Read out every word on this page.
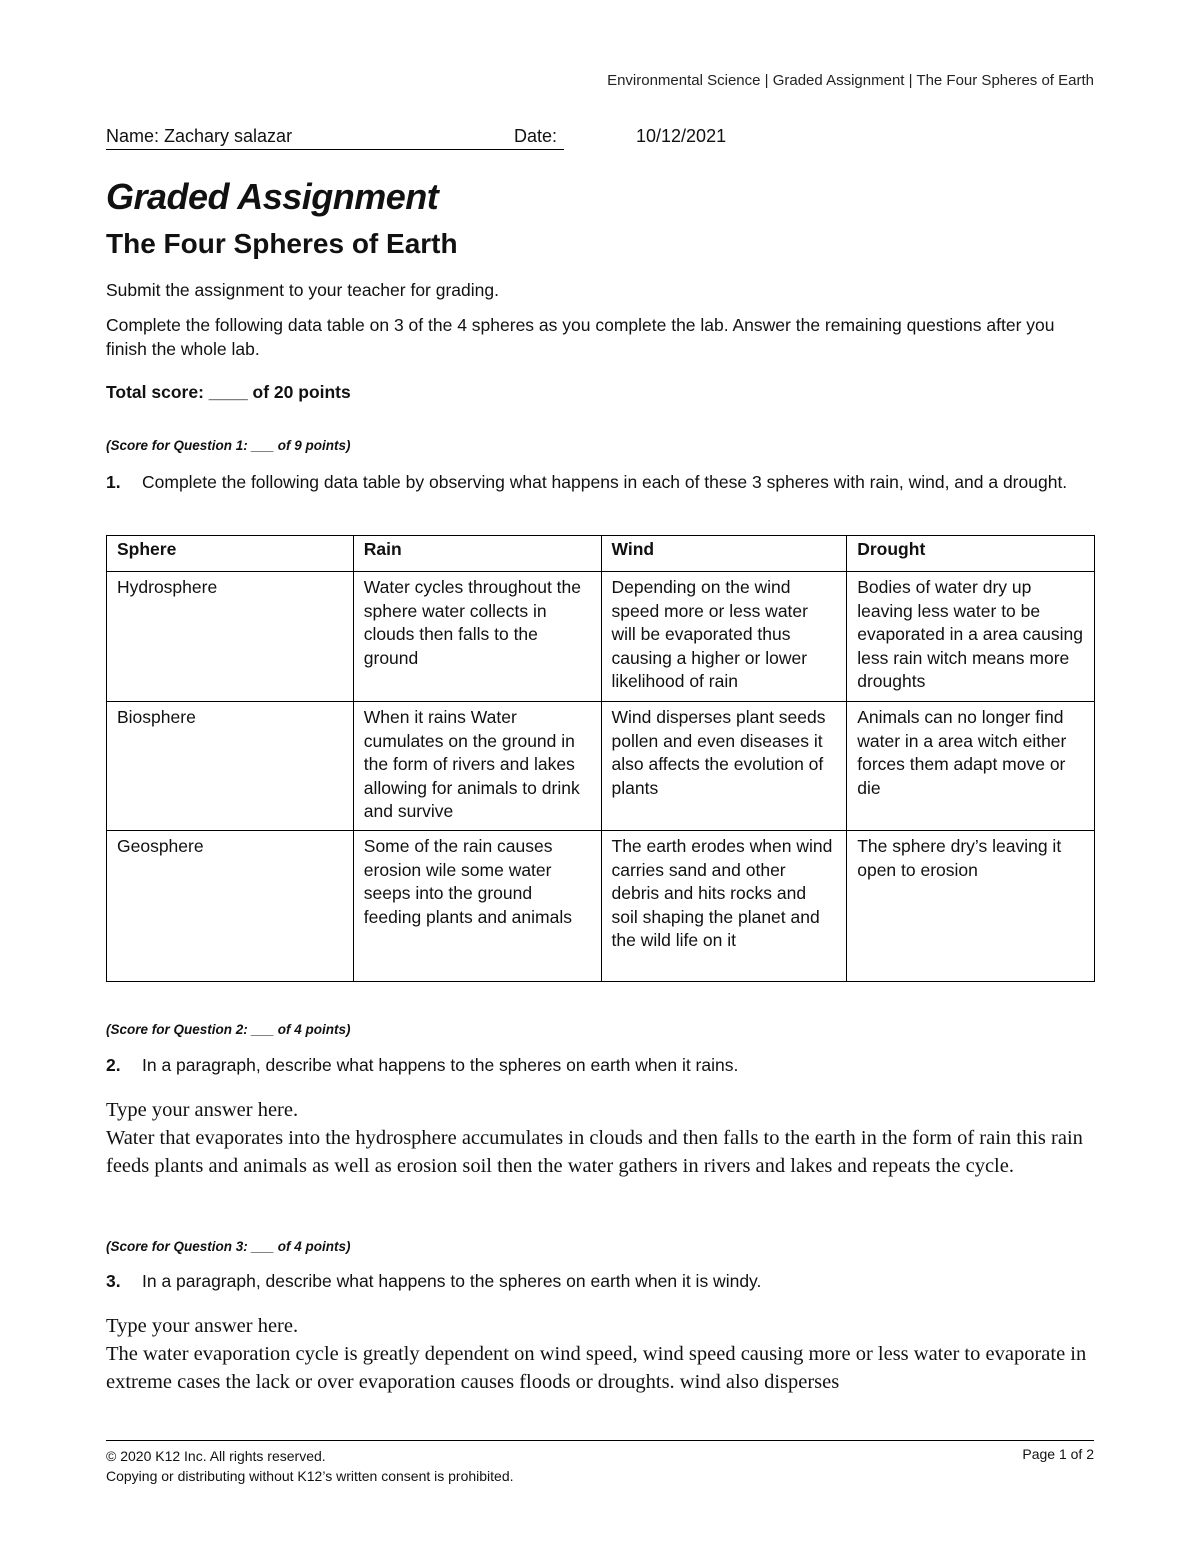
Environmental Science | Graded Assignment | The Four Spheres of Earth
Name: Zachary salazar	Date:	10/12/2021
Graded Assignment
The Four Spheres of Earth
Submit the assignment to your teacher for grading.
Complete the following data table on 3 of the 4 spheres as you complete the lab. Answer the remaining questions after you finish the whole lab.
Total score: ____ of 20 points
(Score for Question 1: ___ of 9 points)
1. Complete the following data table by observing what happens in each of these 3 spheres with rain, wind, and a drought.
Sphere	Rain	Wind	Drought
Hydrosphere	Water cycles throughout the sphere water collects in clouds then falls to the ground	Depending on the wind speed more or less water will be evaporated thus causing a higher or lower likelihood of rain	Bodies of water dry up leaving less water to be evaporated in a area causing less rain witch means more droughts
Biosphere	When it rains Water cumulates on the ground in the form of rivers and lakes allowing for animals to drink and survive	Wind disperses plant seeds pollen and even diseases it also affects the evolution of plants	Animals can no longer find water in a area witch either forces them adapt move or die
Geosphere	Some of the rain causes erosion wile some water seeps into the ground feeding plants and animals	The earth erodes when wind carries sand and other debris and hits rocks and soil shaping the planet and the wild life on it	The sphere dry’s leaving it open to erosion
(Score for Question 2: ___ of 4 points)
2. In a paragraph, describe what happens to the spheres on earth when it rains.
Type your answer here.
Water that evaporates into the hydrosphere accumulates in clouds and then falls to the earth in the form of rain this rain feeds plants and animals as well as erosion soil then the water gathers in rivers and lakes and repeats the cycle.
(Score for Question 3: ___ of 4 points)
3. In a paragraph, describe what happens to the spheres on earth when it is windy.
Type your answer here.
The water evaporation cycle is greatly dependent on wind speed, wind speed causing more or less water to evaporate in extreme cases the lack or over evaporation causes floods or droughts. wind also disperses
© 2020 K12 Inc. All rights reserved.
Copying or distributing without K12’s written consent is prohibited.
Page 1 of 2
